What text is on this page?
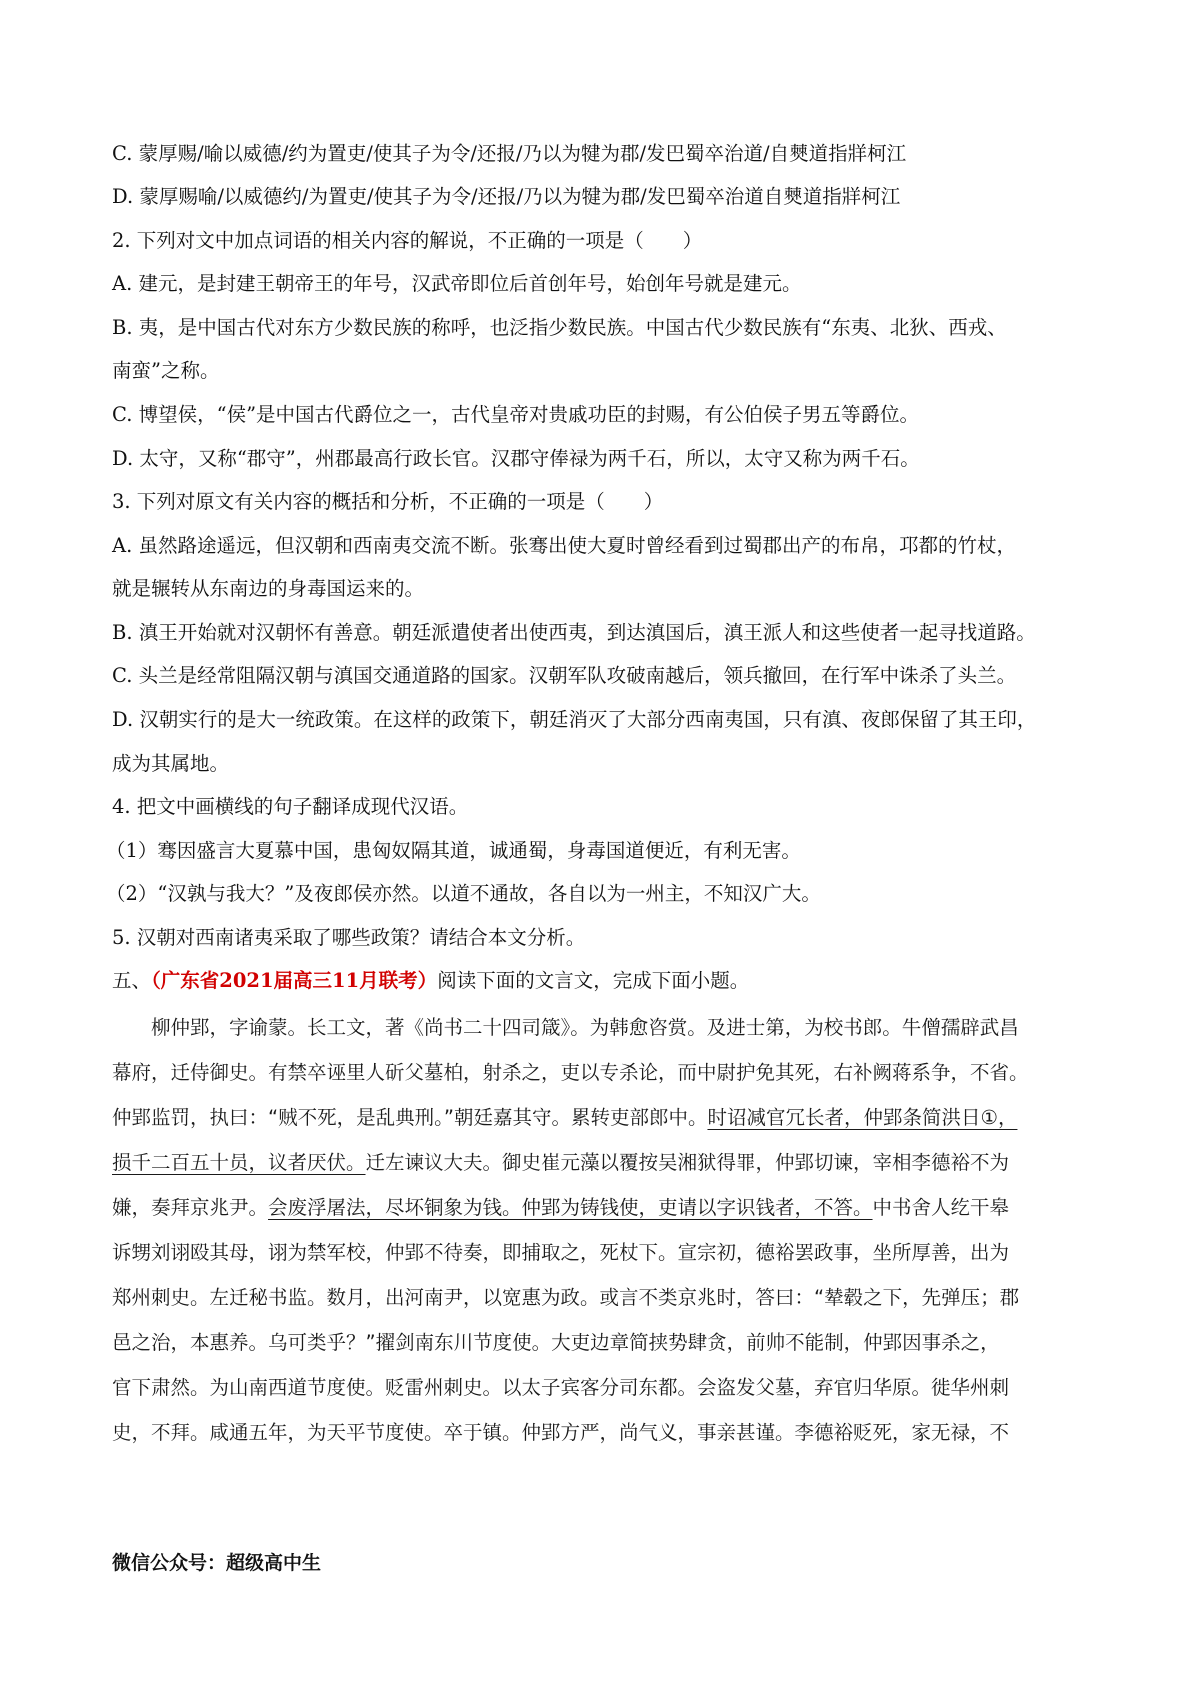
C. 蒙厚赐/喻以威德/约为置吏/使其子为令/还报/乃以为犍为郡/发巴蜀卒治道/自僰道指牂柯江
D. 蒙厚赐喻/以威德约/为置吏/使其子为令/还报/乃以为犍为郡/发巴蜀卒治道自僰道指牂柯江
2. 下列对文中加点词语的相关内容的解说，不正确的一项是（　　）
A. 建元，是封建王朝帝王的年号，汉武帝即位后首创年号，始创年号就是建元。
B. 夷，是中国古代对东方少数民族的称呼，也泛指少数民族。中国古代少数民族有“东夷、北狄、西戎、
南蛮”之称。
C. 博望侯，“侯”是中国古代爵位之一，古代皇帝对贵戚功臣的封赐，有公伯侯子男五等爵位。
D. 太守，又称“郡守”，州郡最高行政长官。汉郡守俸禄为两千石，所以，太守又称为两千石。
3. 下列对原文有关内容的概括和分析，不正确的一项是（　　）
A. 虽然路途遥远，但汉朝和西南夷交流不断。张骞出使大夏时曾经看到过蜀郡出产的布帛，邛都的竹杖，
就是辗转从东南边的身毒国运来的。
B. 滇王开始就对汉朝怀有善意。朝廷派遣使者出使西夷，到达滇国后，滇王派人和这些使者一起寻找道路。
C. 头兰是经常阻隔汉朝与滇国交通道路的国家。汉朝军队攻破南越后，领兵撤回，在行军中诛杀了头兰。
D. 汉朝实行的是大一统政策。在这样的政策下，朝廷消灭了大部分西南夷国，只有滇、夜郎保留了其王印，
成为其属地。
4. 把文中画横线的句子翻译成现代汉语。
（1）骞因盛言大夏慕中国，患匈奴隔其道，诚通蜀，身毒国道便近，有利无害。
（2）“汉孰与我大？”及夜郎侯亦然。以道不通故，各自以为一州主，不知汉广大。
5. 汉朝对西南诸夷采取了哪些政策？请结合本文分析。
五、（广东省2021届高三11月联考）阅读下面的文言文，完成下面小题。
　　柳仲郢，字谕蒙。长工文，著《尚书二十四司箴》。为韩愈咨赏。及进士第，为校书郎。牛僧孺辟武昌
幕府，迁侍御史。有禁卒诬里人斫父墓柏，射杀之，吏以专杀论，而中尉护免其死，右补阙蒋系争，不省。
仲郢监罚，执曰：“贼不死，是乱典刑。”朝廷嘉其守。累转吏部郎中。时诏减官冗长者，仲郢条简洪日①，
损千二百五十员，议者厌伏。迁左谏议大夫。御史崔元藻以覆按吴湘狱得罪，仲郢切谏，宰相李德裕不为
嫌，奏拜京兆尹。会废浮屠法，尽坏铜象为钱。仲郢为铸钱使，吏请以字识钱者，不答。中书舍人纥干皋
诉甥刘诩殴其母，诩为禁军校，仲郢不待奏，即捕取之，死杖下。宣宗初，德裕罢政事，坐所厚善，出为
郑州刺史。左迁秘书监。数月，出河南尹，以宽惠为政。或言不类京兆时，答曰：“辇毂之下，先弹压；郡
邑之治，本惠养。乌可类乎？”擢剑南东川节度使。大吏边章简挟势肆贪，前帅不能制，仲郢因事杀之，
官下肃然。为山南西道节度使。贬雷州刺史。以太子宾客分司东都。会盗发父墓，弃官归华原。徙华州刺
史，不拜。咸通五年，为天平节度使。卒于镇。仲郢方严，尚气义，事亲甚谨。李德裕贬死，家无禄，不
微信公众号：超级高中生
